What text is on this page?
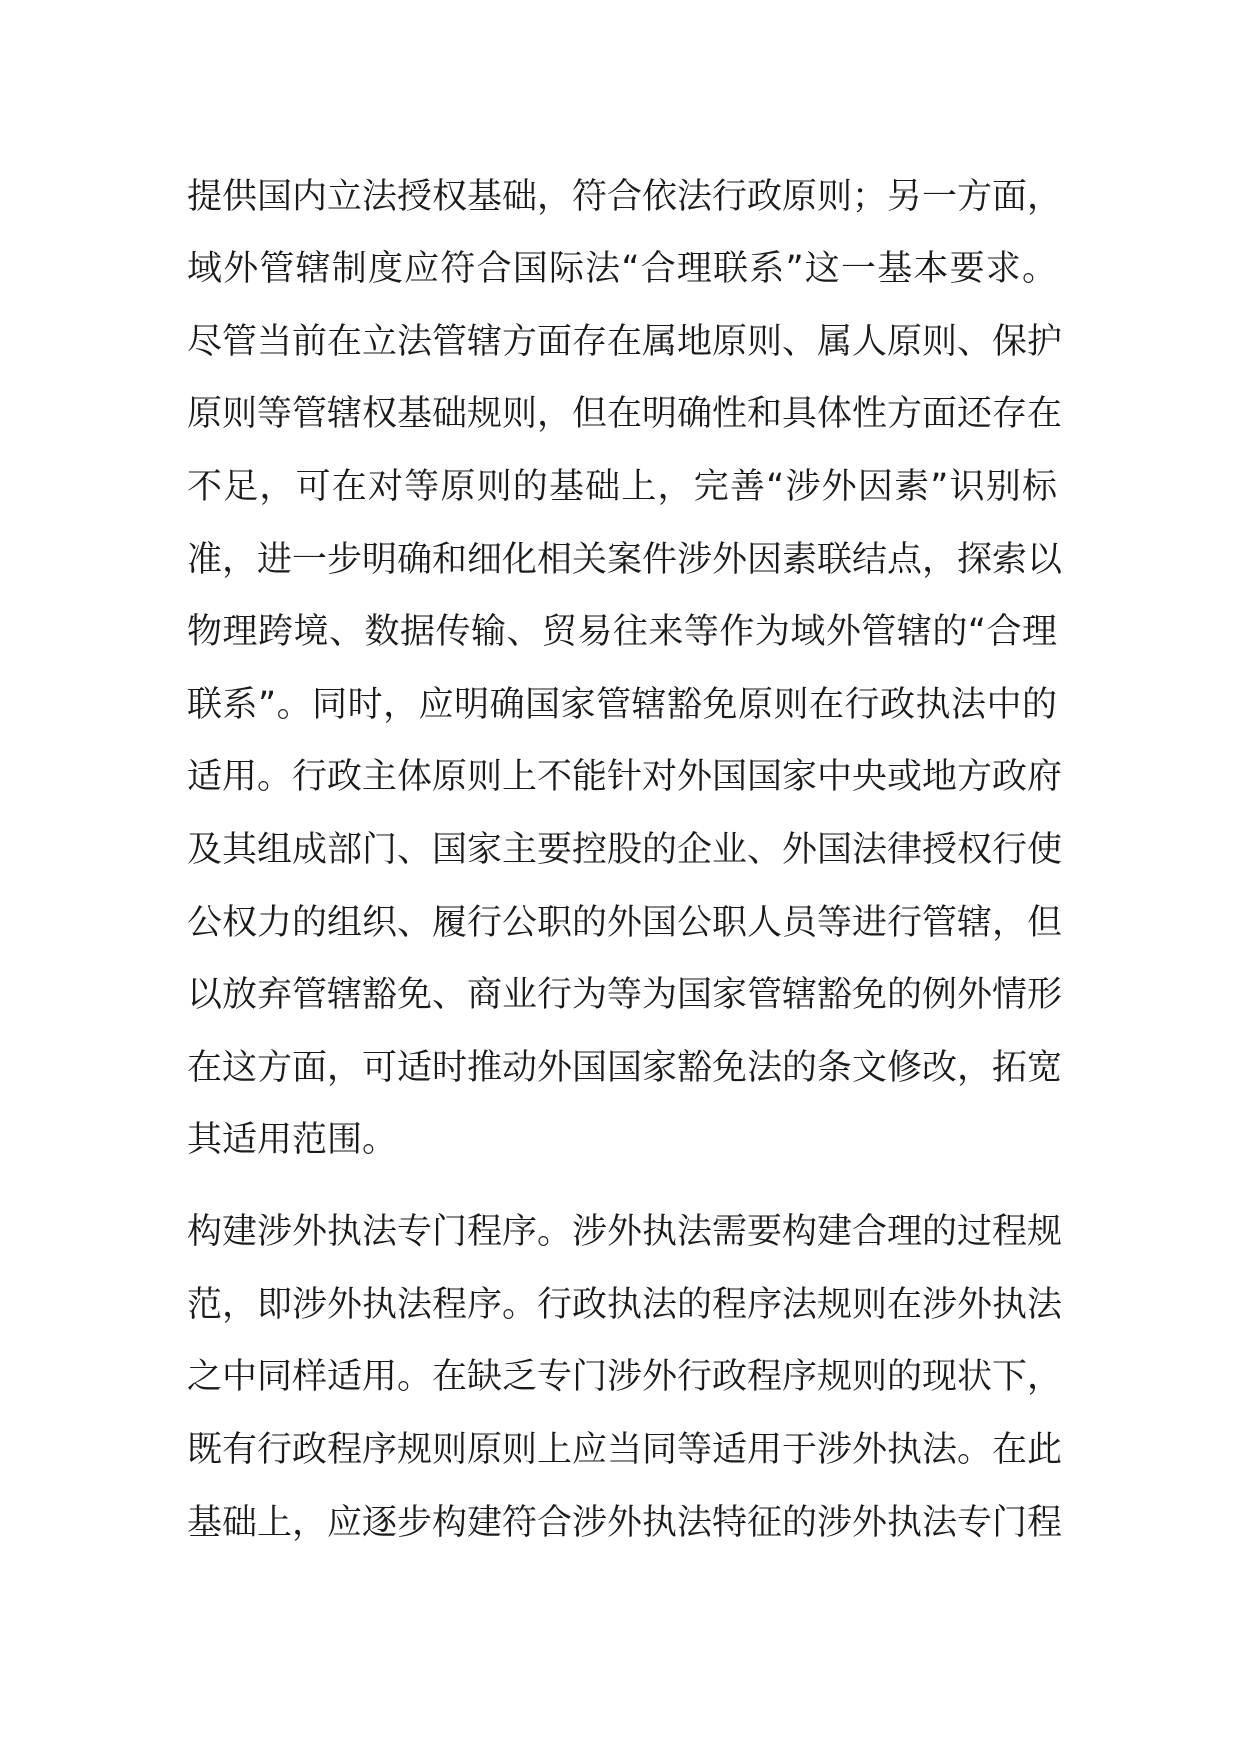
提供国内立法授权基础，符合依法行政原则；另一方面，
域外管辖制度应符合国际法“合理联系”这一基本要求。
尽管当前在立法管辖方面存在属地原则、属人原则、保护
原则等管辖权基础规则，但在明确性和具体性方面还存在
不足，可在对等原则的基础上，完善“涉外因素”识别标
准，进一步明确和细化相关案件涉外因素联结点，探索以
物理跨境、数据传输、贸易往来等作为域外管辖的“合理
联系”。同时，应明确国家管辖豁免原则在行政执法中的
适用。行政主体原则上不能针对外国国家中央或地方政府
及其组成部门、国家主要控股的企业、外国法律授权行使
公权力的组织、履行公职的外国公职人员等进行管辖，但
以放弃管辖豁免、商业行为等为国家管辖豁免的例外情形
在这方面，可适时推动外国国家豁免法的条文修改，拓宽
其适用范围。
构建涉外执法专门程序。涉外执法需要构建合理的过程规
范，即涉外执法程序。行政执法的程序法规则在涉外执法
之中同样适用。在缺乏专门涉外行政程序规则的现状下，
既有行政程序规则原则上应当同等适用于涉外执法。在此
基础上，应逐步构建符合涉外执法特征的涉外执法专门程
